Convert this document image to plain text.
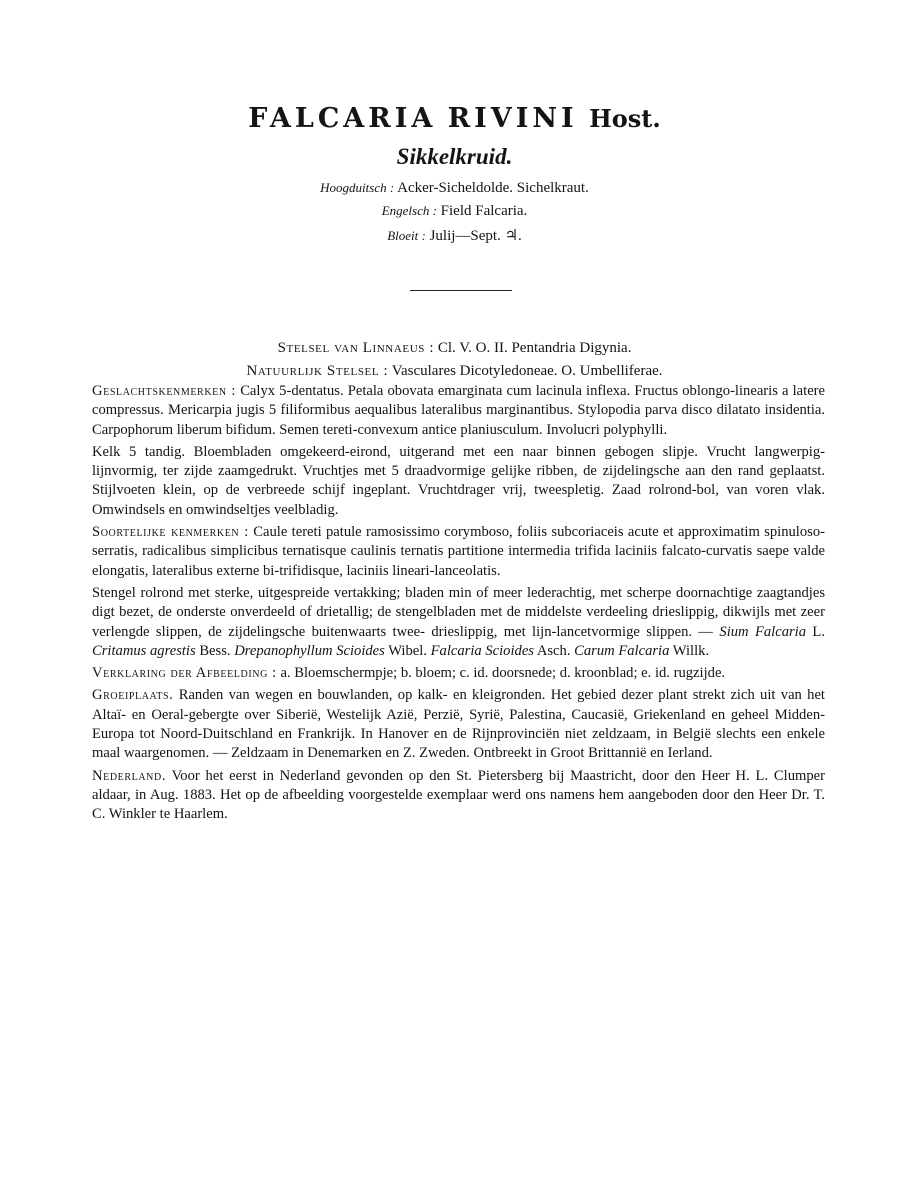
FALCARIA RIVINI Host.
Sikkelkruid.
Hoogduitsch : Acker-Sicheldolde. Sichelkraut.
Engelsch : Field Falcaria.
Bloeit : Julij—Sept. ♃.
Stelsel van Linnaeus : Cl. V. O. II. Pentandria Digynia.
Natuurlijk Stelsel : Vasculares Dicotyledoneae. O. Umbelliferae.

Geslachtskenmerken : Calyx 5-dentatus. Petala obovata emarginata cum lacinula inflexa. Fructus oblongo-linearis a latere compressus. Mericarpia jugis 5 filiformibus aequalibus lateralibus marginantibus. Stylopodia parva disco dilatato insidentia. Carpophorum liberum bifidum. Semen tereti-convexum antice planiusculum. Involucri polyphylli.

Kelk 5 tandig. Bloembladen omgekeerd-eirond, uitgerand met een naar binnen gebogen slipje. Vrucht langwerpig-lijnvormig, ter zijde zaamgedrukt. Vruchtjes met 5 draadvormige gelijke ribben, de zijdelingsche aan den rand geplaatst. Stijlvoeten klein, op de verbreede schijf ingeplant. Vruchtdrager vrij, tweespletig. Zaad rolrond-bol, van voren vlak. Omwindsels en omwindseltjes veelbladig.

Soortelijke kenmerken : Caule tereti patule ramosissimo corymboso, foliis subcoriaceis acute et approximatim spinuloso-serratis, radicalibus simplicibus ternatisque caulinis ternatis partitione intermedia trifida laciniis falcato-curvatis saepe valde elongatis, lateralibus externe bi-trifidisque, laciniis lineari-lanceolatis.

Stengel rolrond met sterke, uitgespreide vertakking; bladen min of meer lederachtig, met scherpe doornachtige zaagtandjes digt bezet, de onderste onverdeeld of drietallig; de stengelbladen met de middelste verdeeling drieslippig, dikwijls met zeer verlengde slippen, de zijdelingsche buitenwaarts twee- drieslippig, met lijn-lancetvormige slippen. — Sium Falcaria L. Critamus agrestis Bess. Drepanophyllum Scioides Wibel. Falcaria Scioides Asch. Carum Falcaria Willk.

Verklaring der Afbeelding : a. Bloemschermpje; b. bloem; c. id. doorsnede; d. kroonblad; e. id. rugzijde.

Groeiplaats. Randen van wegen en bouwlanden, op kalk- en kleigronden. Het gebied dezer plant strekt zich uit van het Altaï- en Oeral-gebergte over Siberië, Westelijk Azië, Perzië, Syrië, Palestina, Caucasië, Griekenland en geheel Midden-Europa tot Noord-Duitschland en Frankrijk. In Hanover en de Rijnprovinciën niet zeldzaam, in België slechts een enkele maal waargenomen. — Zeldzaam in Denemarken en Z. Zweden. Ontbreekt in Groot Brittannië en Ierland.

Nederland. Voor het eerst in Nederland gevonden op den St. Pietersberg bij Maastricht, door den Heer H. L. Clumper aldaar, in Aug. 1883. Het op de afbeelding voorgestelde exemplaar werd ons namens hem aangeboden door den Heer Dr. T. C. Winkler te Haarlem.
